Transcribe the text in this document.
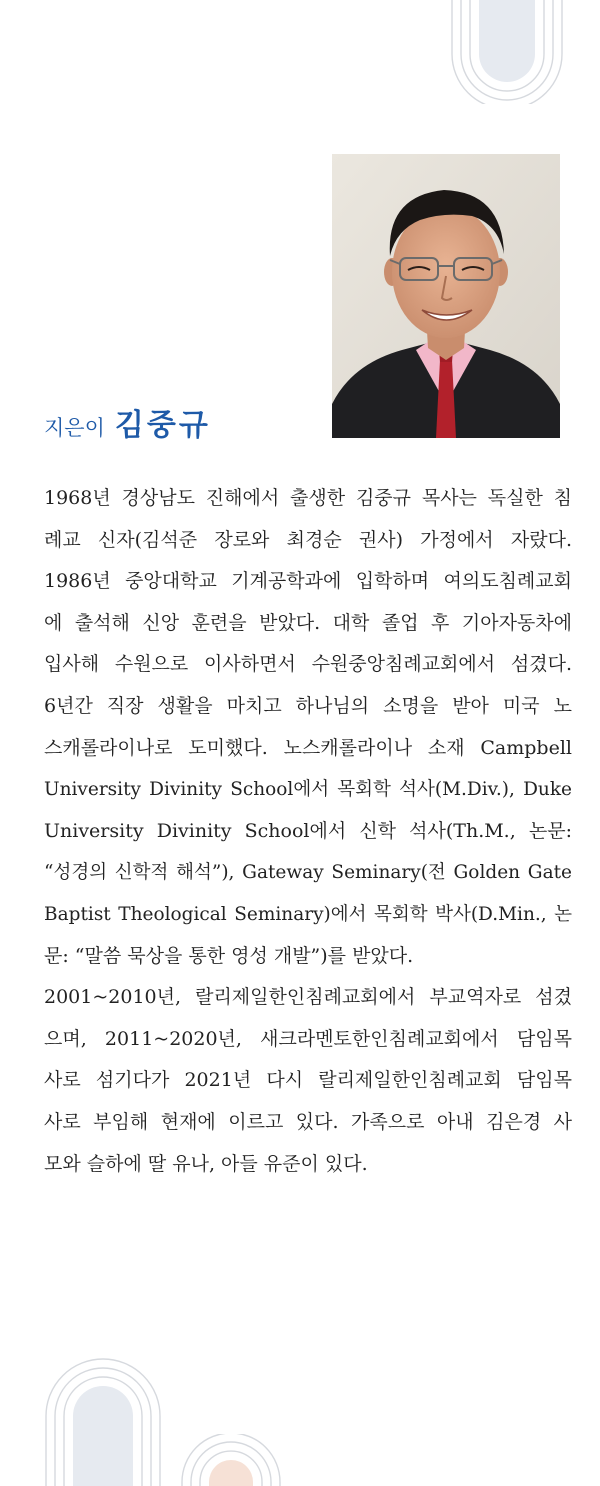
지은이 김중규
1968년 경상남도 진해에서 출생한 김중규 목사는 독실한 침
례교 신자(김석준 장로와 최경순 권사) 가정에서 자랐다.
1986년 중앙대학교 기계공학과에 입학하며 여의도침례교회
에 출석해 신앙 훈련을 받았다. 대학 졸업 후 기아자동차에
입사해 수원으로 이사하면서 수원중앙침례교회에서 섬겼다.
6년간 직장 생활을 마치고 하나님의 소명을 받아 미국 노
스캐롤라이나로 도미했다. 노스캐롤라이나 소재 Campbell
University Divinity School에서 목회학 석사(M.Div.), Duke
University Divinity School에서 신학 석사(Th.M., 논문:
“성경의 신학적 해석”), Gateway Seminary(전 Golden Gate
Baptist Theological Seminary)에서 목회학 박사(D.Min., 논
문: “말씀 묵상을 통한 영성 개발”)를 받았다.
2001~2010년, 랄리제일한인침례교회에서 부교역자로 섬겼
으며, 2011~2020년, 새크라멘토한인침례교회에서 담임목
사로 섬기다가 2021년 다시 랄리제일한인침례교회 담임목
사로 부임해 현재에 이르고 있다. 가족으로 아내 김은경 사
모와 슬하에 딸 유나, 아들 유준이 있다.
